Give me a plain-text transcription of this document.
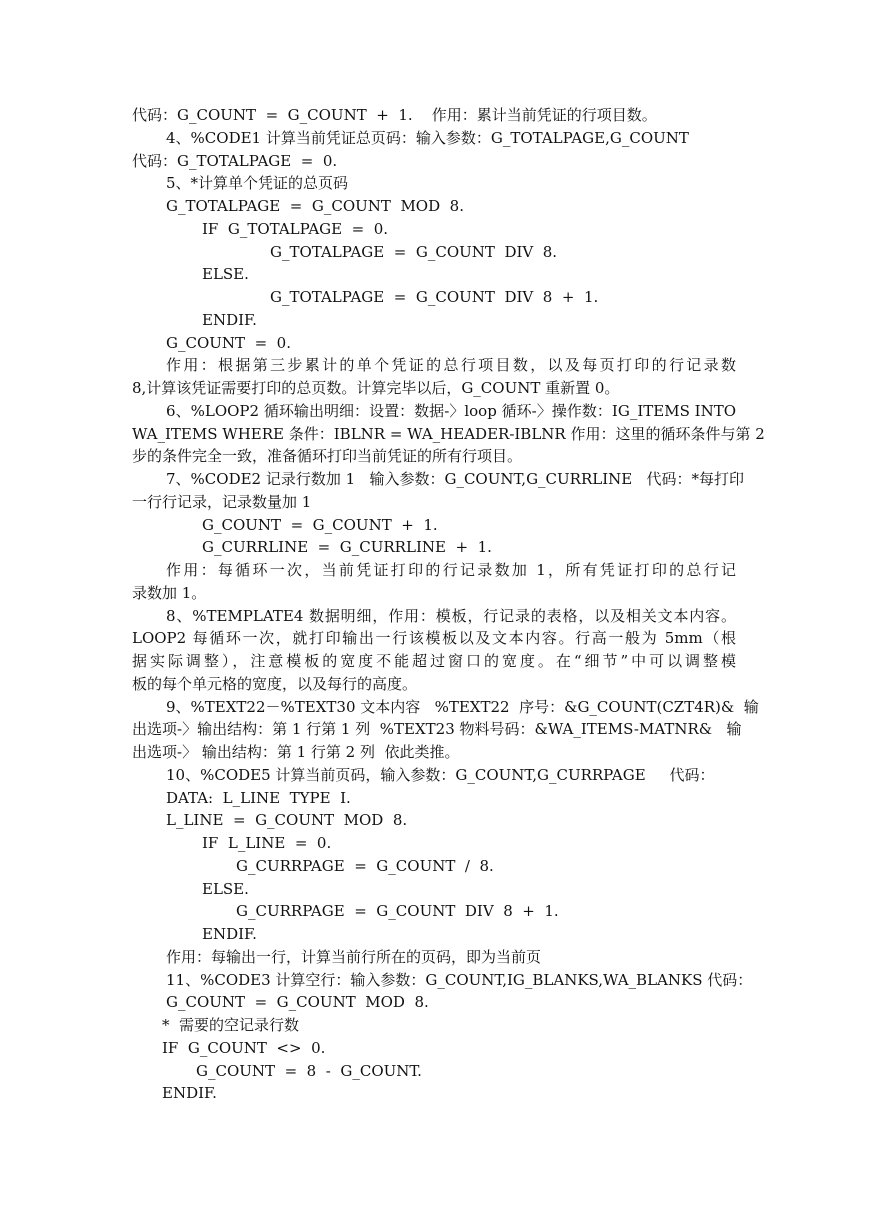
代码：G_COUNT  =  G_COUNT  +  1.    作用：累计当前凭证的行项目数。
4、%CODE1 计算当前凭证总页码：输入参数：G_TOTALPAGE,G_COUNT
代码：G_TOTALPAGE  =  0.
5、*计算单个凭证的总页码
G_TOTALPAGE  =  G_COUNT  MOD  8.
IF  G_TOTALPAGE  =  0.
G_TOTALPAGE  =  G_COUNT  DIV  8.
ELSE.
G_TOTALPAGE  =  G_COUNT  DIV  8  +  1.
ENDIF.
G_COUNT  =  0.
作用：根据第三步累计的单个凭证的总行项目数，以及每页打印的行记录数
8,计算该凭证需要打印的总页数。计算完毕以后，G_COUNT 重新置 0。
6、%LOOP2 循环输出明细：设置：数据-〉loop 循环-〉操作数：IG_ITEMS INTO
WA_ITEMS WHERE 条件：IBLNR = WA_HEADER-IBLNR 作用：这里的循环条件与第 2
步的条件完全一致，准备循环打印当前凭证的所有行项目。
7、%CODE2 记录行数加 1   输入参数：G_COUNT,G_CURRLINE   代码：*每打印
一行行记录，记录数量加 1
G_COUNT  =  G_COUNT  +  1.
G_CURRLINE  =  G_CURRLINE  +  1.
作用：每循环一次，当前凭证打印的行记录数加 1，所有凭证打印的总行记
录数加 1。
8、%TEMPLATE4 数据明细，作用：模板，行记录的表格，以及相关文本内容。
LOOP2 每循环一次，就打印输出一行该模板以及文本内容。行高一般为 5mm（根
据实际调整），注意模板的宽度不能超过窗口的宽度。在“细节”中可以调整模
板的每个单元格的宽度，以及每行的高度。
9、%TEXT22－%TEXT30 文本内容   %TEXT22  序号：&G_COUNT(CZT4R)&  输
出选项-〉输出结构：第 1 行第 1 列  %TEXT23 物料号码：&WA_ITEMS-MATNR&   输
出选项-〉 输出结构：第 1 行第 2 列  依此类推。
10、%CODE5 计算当前页码，输入参数：G_COUNT,G_CURRPAGE     代码：
DATA:  L_LINE  TYPE  I.
L_LINE  =  G_COUNT  MOD  8.
IF  L_LINE  =  0.
G_CURRPAGE  =  G_COUNT  /  8.
ELSE.
G_CURRPAGE  =  G_COUNT  DIV  8  +  1.
ENDIF.
作用：每输出一行，计算当前行所在的页码，即为当前页
11、%CODE3 计算空行：输入参数：G_COUNT,IG_BLANKS,WA_BLANKS 代码：
G_COUNT  =  G_COUNT  MOD  8.
*  需要的空记录行数
IF  G_COUNT  <>  0.
G_COUNT  =  8  -  G_COUNT.
ENDIF.
